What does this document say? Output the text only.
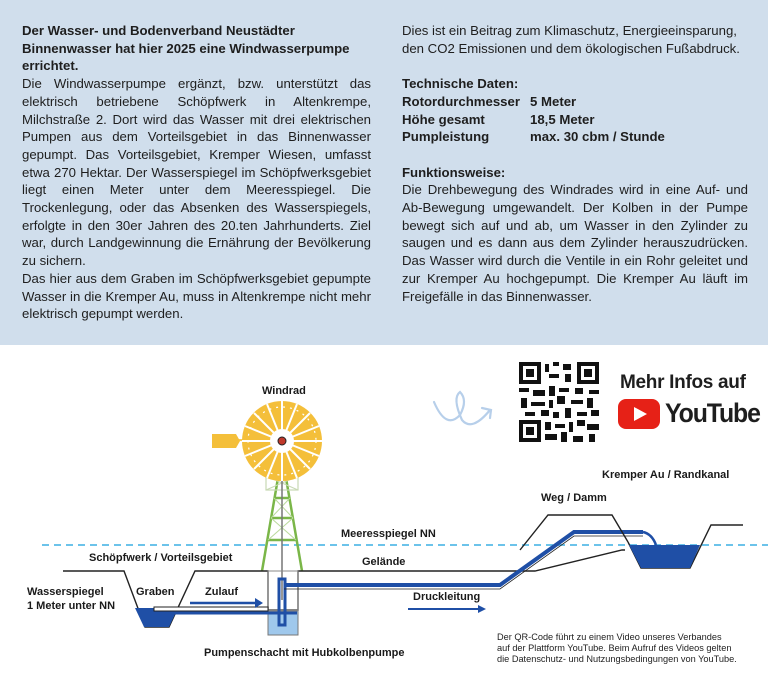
Der Wasser- und Bodenverband Neustädter Binnenwasser hat hier 2025 eine Windwasserpumpe errichtet.
Die Windwasserpumpe ergänzt, bzw. unterstützt das elektrisch betriebene Schöpfwerk in Altenkrempe, Milchstraße 2. Dort wird das Wasser mit drei elektrischen Pumpen aus dem Vorteilsgebiet in das Binnenwasser gepumpt. Das Vorteilsgebiet, Kremper Wiesen, umfasst etwa 270 Hektar. Der Wasserspiegel im Schöpfwerksgebiet liegt einen Meter unter dem Meeresspiegel. Die Trockenlegung, oder das Absenken des Wasserspiegels, erfolgte in den 30er Jahren des 20.ten Jahrhunderts. Ziel war, durch Landgewinnung die Ernährung der Bevölkerung zu sichern.
Das hier aus dem Graben im Schöpfwerksgebiet gepumpte Wasser in die Kremper Au, muss in Altenkrempe nicht mehr elektrisch gepumpt werden.
Dies ist ein Beitrag zum Klimaschutz, Energieeinsparung, den CO2 Emissionen und dem ökologischen Fußabdruck.
Technische Daten:
Rotordurchmesser 5 Meter
Höhe gesamt	18,5 Meter
Pumpleistung	max. 30 cbm / Stunde
Funktionsweise:
Die Drehbewegung des Windrades wird in eine Auf- und Ab-Bewegung umgewandelt. Der Kolben in der Pumpe bewegt sich auf und ab, um Wasser in den Zylinder zu saugen und es dann aus dem Zylinder herauszudrücken. Das Wasser wird durch die Ventile in ein Rohr geleitet und zur Kremper Au hochgepumpt. Die Kremper Au läuft im Freigefälle in das Binnenwasser.
Mehr Infos auf
YouTube
Windrad
Meeresspiegel NN
Schöpfwerk / Vorteilsgebiet	Gelände
Wasserspiegel
1 Meter unter NN
Graben	Zulauf	Druckleitung
Pumpenschacht mit Hubkolbenpumpe
Weg / Damm
Kremper Au / Randkanal
Der QR-Code führt zu einem Video unseres Verbandes
auf der Plattform YouTube. Beim Aufruf des Videos gelten
die Datenschutz- und Nutzungsbedingungen von YouTube.
